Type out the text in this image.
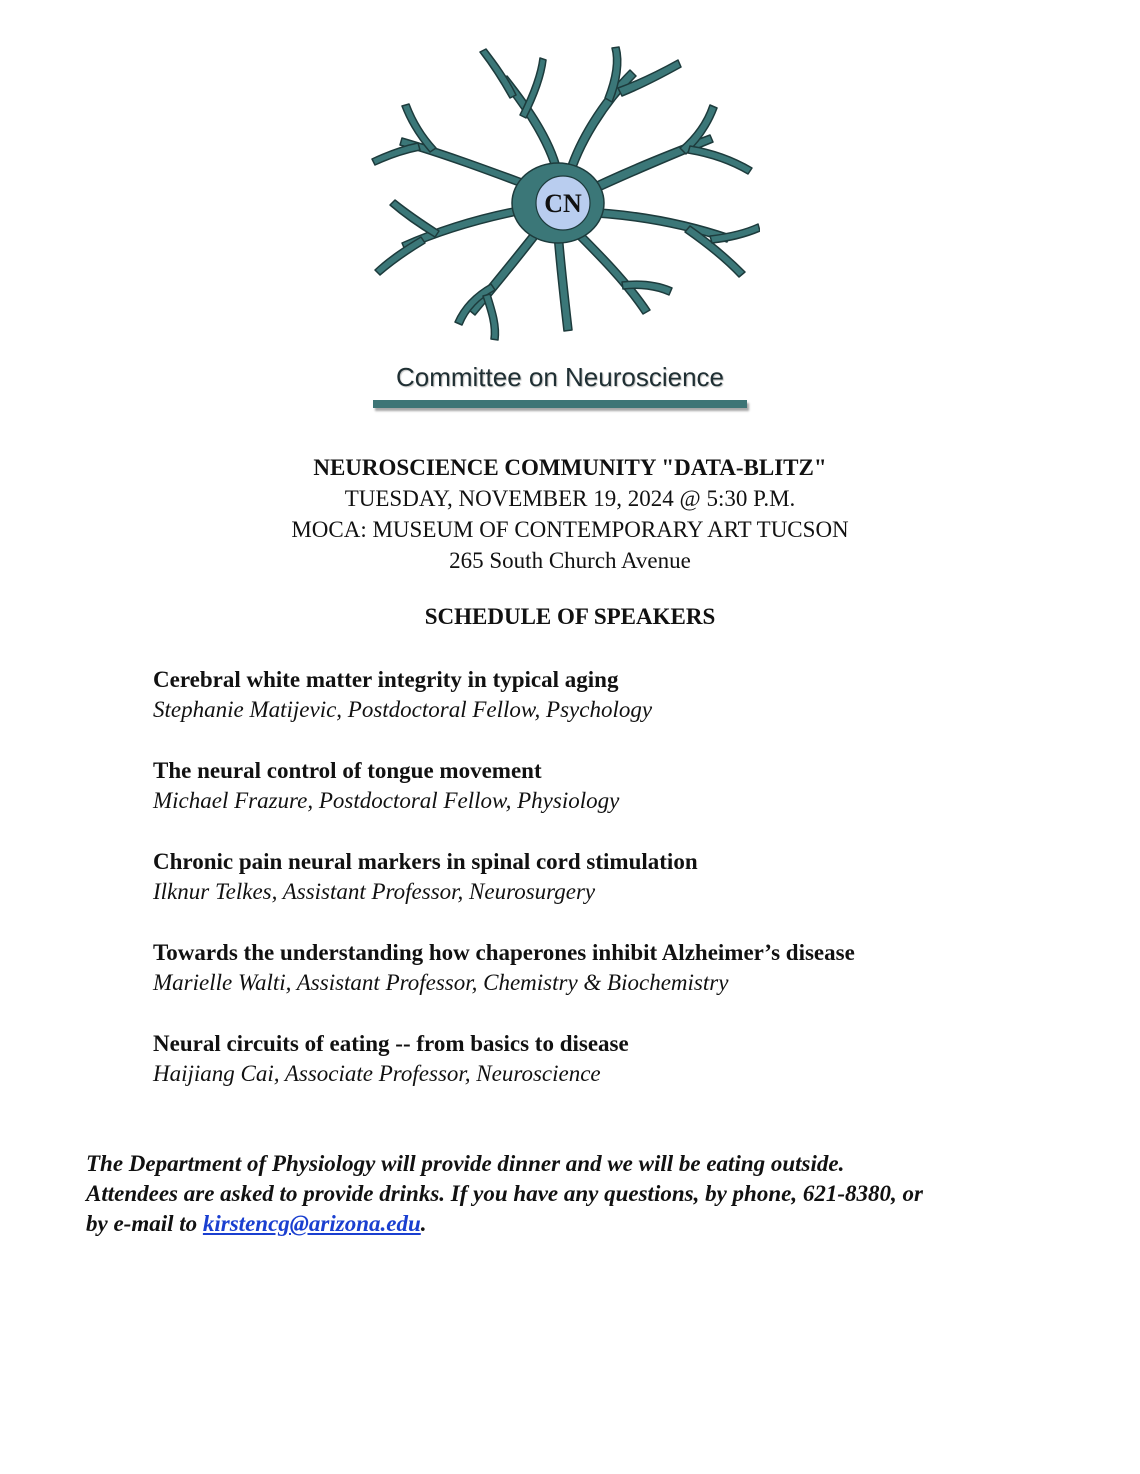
CN
Committee on Neuroscience
NEUROSCIENCE COMMUNITY "DATA-BLITZ"
TUESDAY, NOVEMBER 19, 2024 @ 5:30 P.M.
MOCA: MUSEUM OF CONTEMPORARY ART TUCSON
265 South Church Avenue
SCHEDULE OF SPEAKERS
Cerebral white matter integrity in typical aging
Stephanie Matijevic, Postdoctoral Fellow, Psychology
The neural control of tongue movement
Michael Frazure, Postdoctoral Fellow, Physiology
Chronic pain neural markers in spinal cord stimulation
Ilknur Telkes, Assistant Professor, Neurosurgery
Towards the understanding how chaperones inhibit Alzheimer’s disease
Marielle Walti, Assistant Professor, Chemistry & Biochemistry
Neural circuits of eating -- from basics to disease
Haijiang Cai, Associate Professor, Neuroscience
The Department of Physiology will provide dinner and we will be eating outside.
Attendees are asked to provide drinks. If you have any questions, by phone, 621-8380, or
by e-mail to kirstencg@arizona.edu.
